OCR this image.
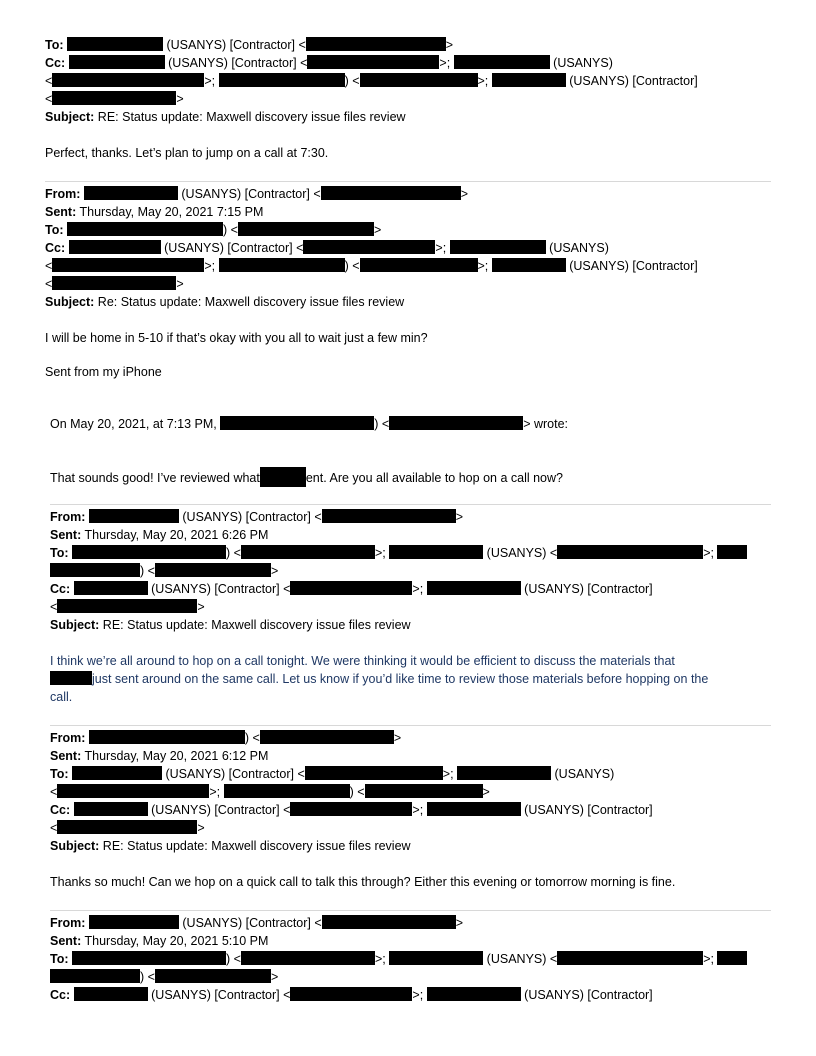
To:	(USANYS) [Contractor] <	>
Cc:	(USANYS) [Contractor] <	>;	(USANYS)
<	>;	) <	>;	(USANYS) [Contractor]
<	>
Subject: RE: Status update: Maxwell discovery issue files review
Perfect, thanks. Let’s plan to jump on a call at 7:30.
From:	(USANYS) [Contractor] <	>
Sent: Thursday, May 20, 2021 7:15 PM
To:	) <	>
Cc:	(USANYS) [Contractor] <	>;	(USANYS)
<	>;	) <	>;	(USANYS) [Contractor]
<	>
Subject: Re: Status update: Maxwell discovery issue files review
I will be home in 5-10 if that’s okay with you all to wait just a few min?
Sent from my iPhone
On May 20, 2021, at 7:13 PM,	) <	> wrote:
That sounds good! I’ve reviewed what	ent. Are you all available to hop on a call now?
From:	(USANYS) [Contractor] <	>
Sent: Thursday, May 20, 2021 6:26 PM
To:	) <	>;	(USANYS) <	>;
) <	>
Cc:	(USANYS) [Contractor] <	>;	(USANYS) [Contractor]
<	>
Subject: RE: Status update: Maxwell discovery issue files review
I think we’re all around to hop on a call tonight. We were thinking it would be efficient to discuss the materials that
just sent around on the same call. Let us know if you’d like time to review those materials before hopping on the
call.
From:	) <	>
Sent: Thursday, May 20, 2021 6:12 PM
To:	(USANYS) [Contractor] <	>;	(USANYS)
<	>;	) <	>
Cc:	(USANYS) [Contractor] <	>;	(USANYS) [Contractor]
<	>
Subject: RE: Status update: Maxwell discovery issue files review
Thanks so much! Can we hop on a quick call to talk this through? Either this evening or tomorrow morning is fine.
From:	(USANYS) [Contractor] <	>
Sent: Thursday, May 20, 2021 5:10 PM
To:	) <	>;	(USANYS) <	>;
) <	>
Cc:	(USANYS) [Contractor] <	>;	(USANYS) [Contractor]
